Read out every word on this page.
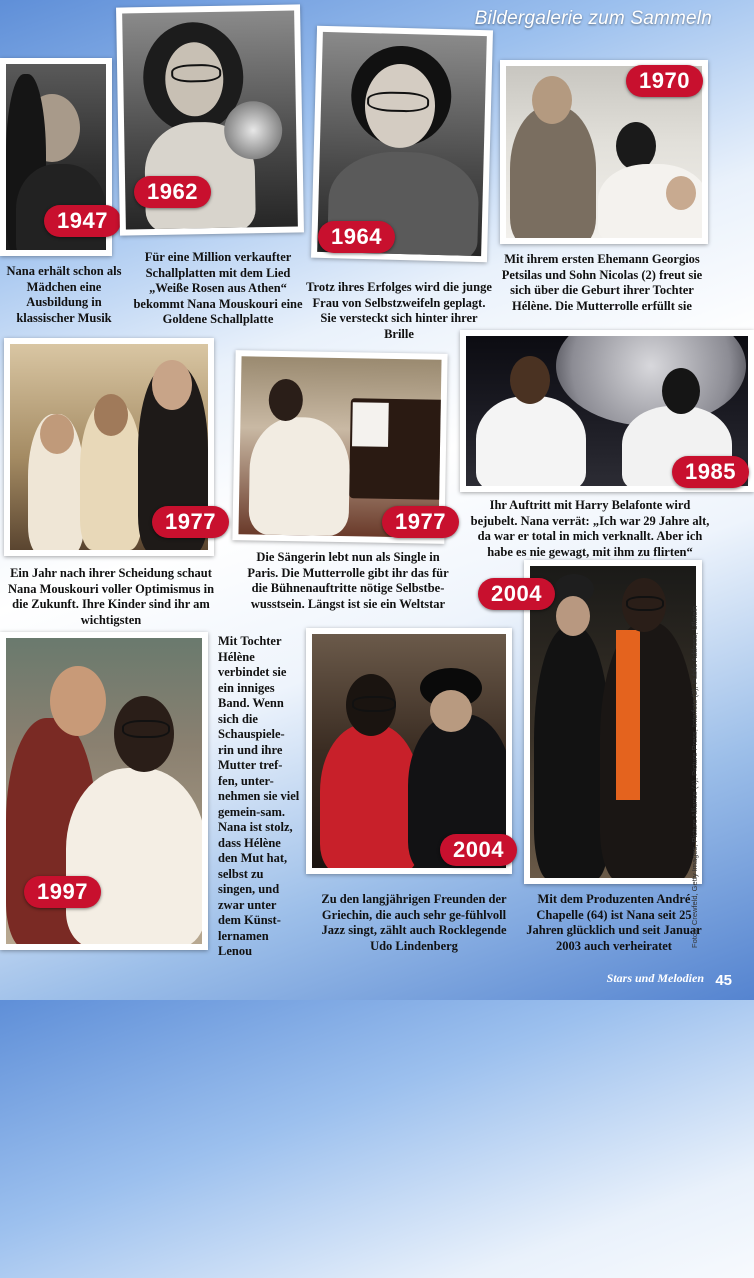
Bildergalerie zum Sammeln
1947

Nana erhält schon als Mädchen eine Ausbildung in klassischer Musik

1962

Für eine Million verkaufter Schallplatten mit dem Lied „Weiße Rosen aus Athen“ bekommt Nana Mouskouri eine Goldene Schallplatte

1964

Trotz ihres Erfolges wird die junge Frau von Selbstzweifeln geplagt. Sie versteckt sich hinter ihrer Brille

1970

Mit ihrem ersten Ehemann Georgios Petsilas und Sohn Nicolas (2) freut sie sich über die Geburt ihrer Tochter Hélène. Die Mutterrolle erfüllt sie

1977

Ein Jahr nach ihrer Scheidung schaut Nana Mouskouri voller Optimismus in die Zukunft. Ihre Kinder sind ihr am wichtigsten

1977

Die Sängerin lebt nun als Single in Paris. Die Mutterrolle gibt ihr das für die Bühnenauftritte nötige Selbstbe-wusstsein. Längst ist sie ein Weltstar

1985

Ihr Auftritt mit Harry Belafonte wird bejubelt. Nana verrät: „Ich war 29 Jahre alt, da war er total in mich verknallt. Aber ich habe es nie gewagt, mit ihm zu flirten“

1997

Mit Tochter Hélène verbindet sie ein inniges Band. Wenn sich die Schauspiele-rin und ihre Mutter tref-fen, unter-nehmen sie viel gemein-sam. Nana ist stolz, dass Hélène den Mut hat, selbst zu singen, und zwar unter dem Künst-lernamen Lenou

2004

Zu den langjährigen Freunden der Griechin, die auch sehr ge-fühlvoll Jazz singt, zählt auch Rocklegende Udo Lindenberg

2004

Mit dem Produzenten André Chapelle (64) ist Nana seit 25 Jahren glücklich und seit Januar 2003 auch verheiratet	Fotos: Crewfeld, Getty Images, Picture Alliance (4), Picture Press, Interfoto (2), Public Address, Ullstein
Stars und Melodien 45
